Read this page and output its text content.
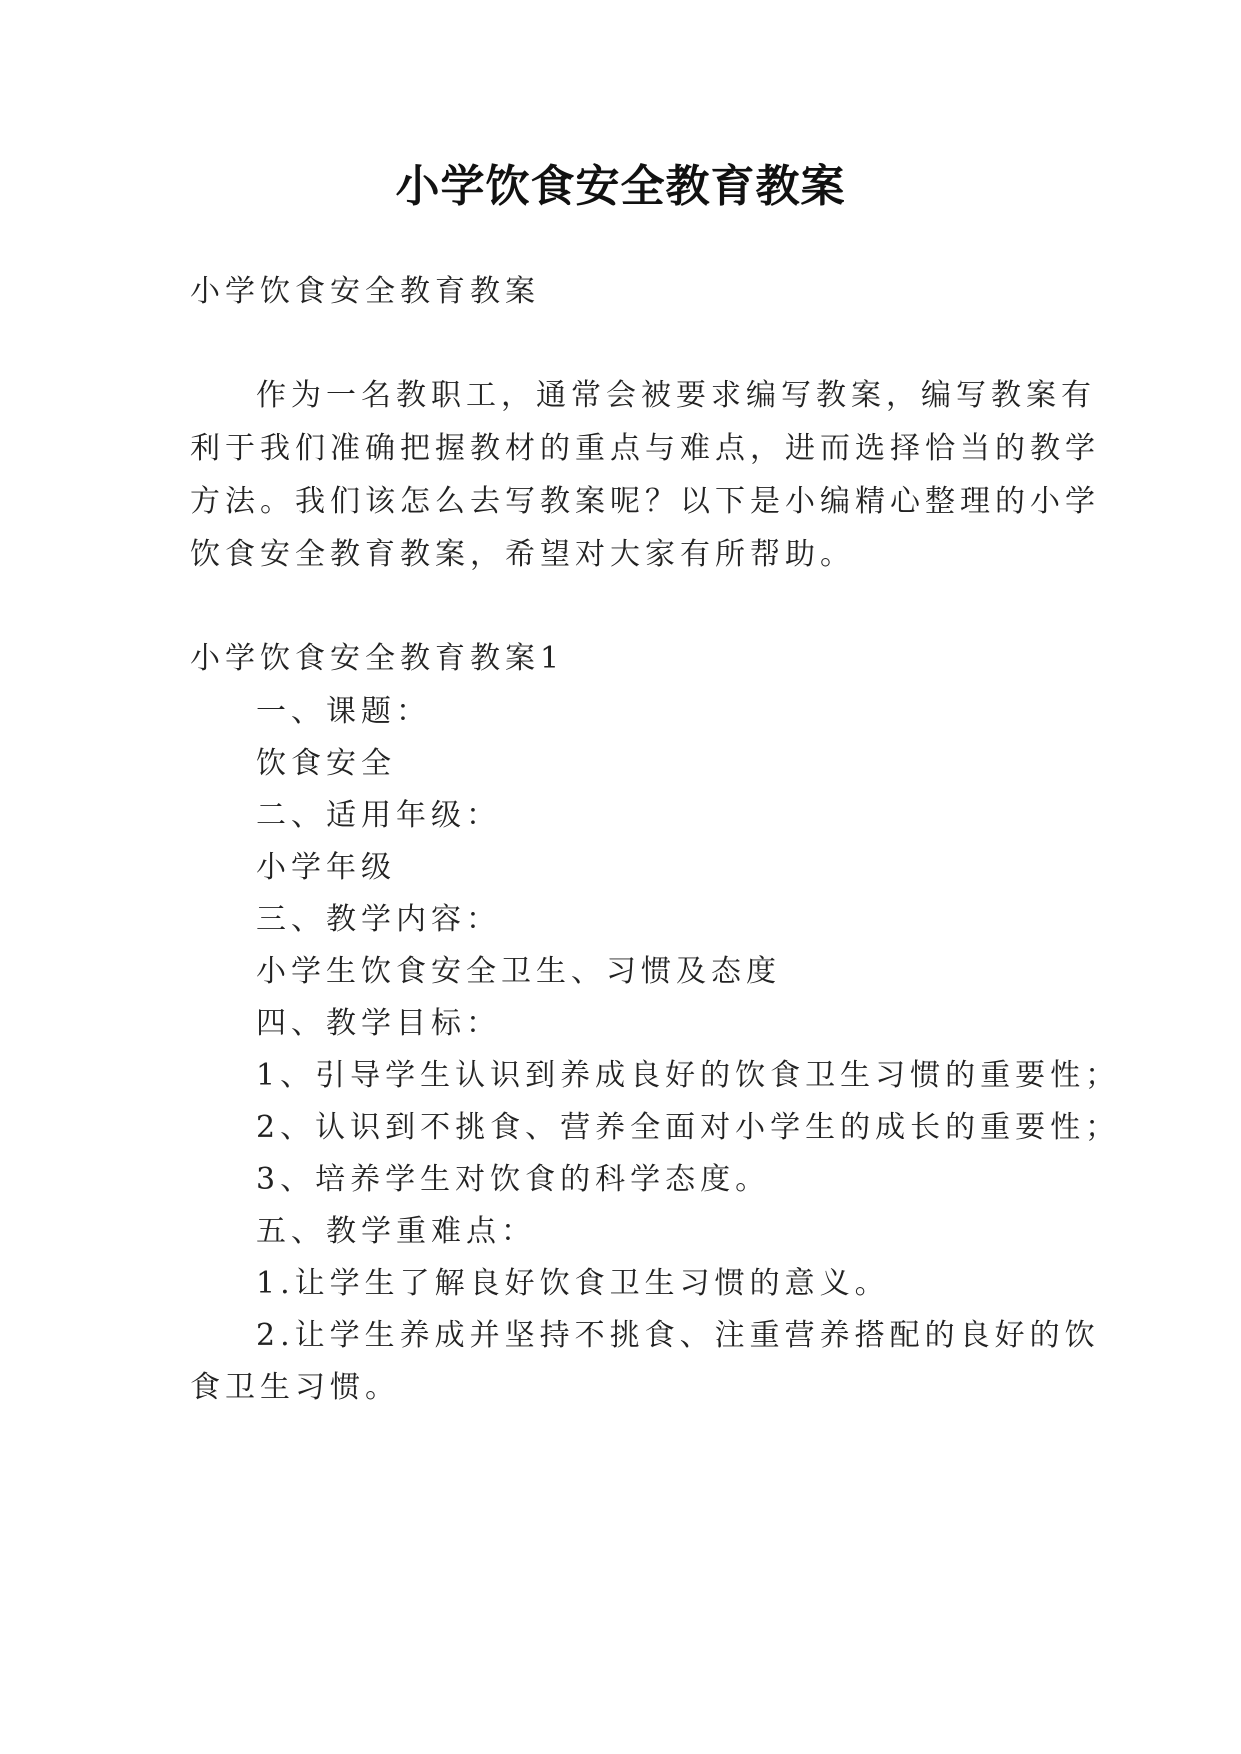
小学饮食安全教育教案
小学饮食安全教育教案
作为一名教职工，通常会被要求编写教案，编写教案有
利于我们准确把握教材的重点与难点，进而选择恰当的教学
方法。我们该怎么去写教案呢？以下是小编精心整理的小学
饮食安全教育教案，希望对大家有所帮助。
小学饮食安全教育教案1
一、课题：
饮食安全
二、适用年级：
小学年级
三、教学内容：
小学生饮食安全卫生、习惯及态度
四、教学目标：
1、引导学生认识到养成良好的饮食卫生习惯的重要性；
2、认识到不挑食、营养全面对小学生的成长的重要性；
3、培养学生对饮食的科学态度。
五、教学重难点：
1.让学生了解良好饮食卫生习惯的意义。
2.让学生养成并坚持不挑食、注重营养搭配的良好的饮
食卫生习惯。
